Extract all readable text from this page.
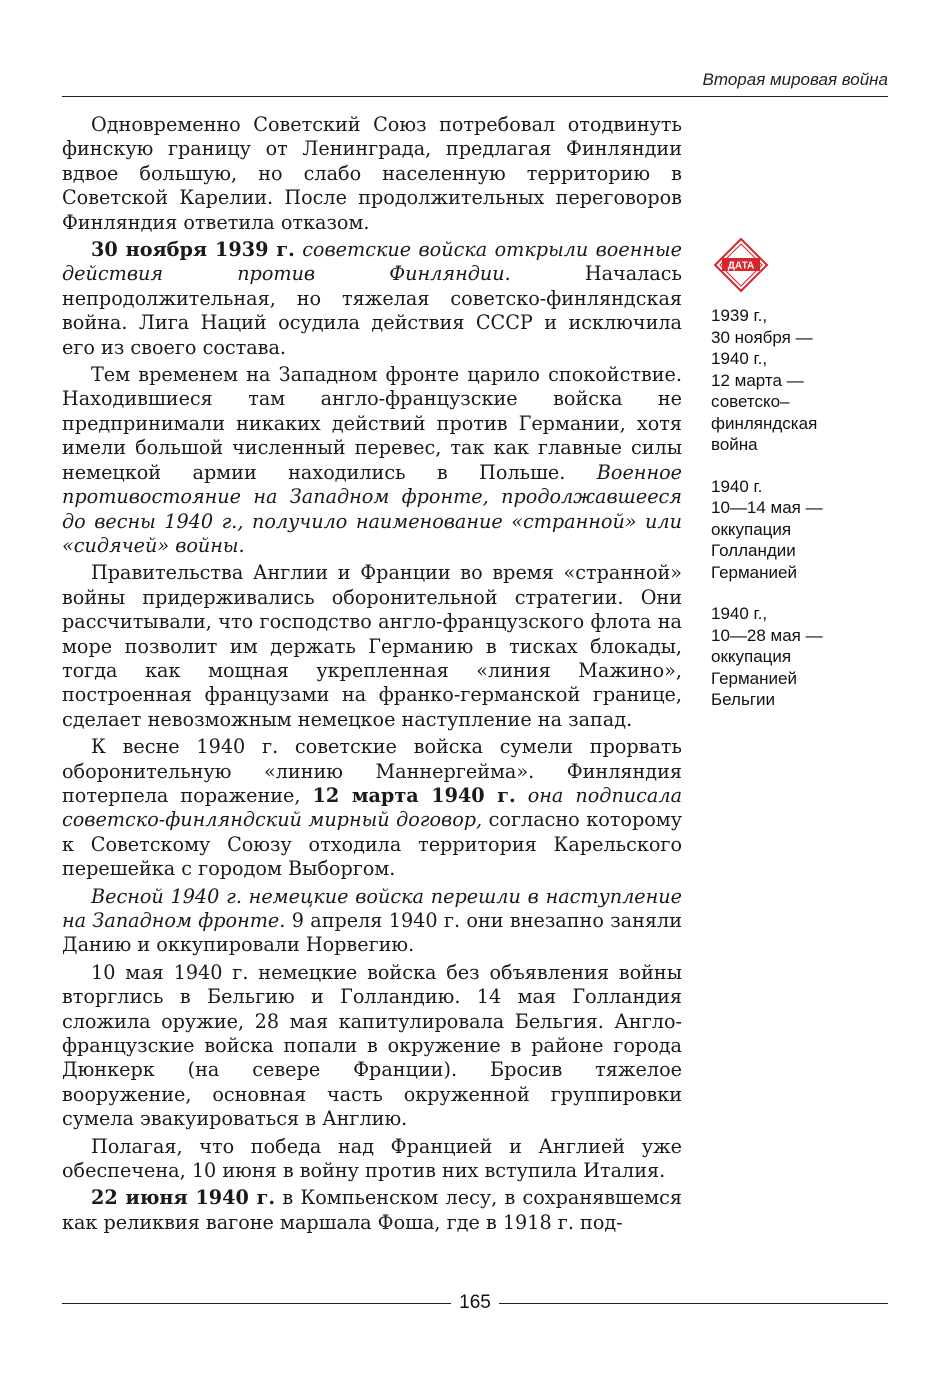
Вторая мировая война

Одновременно Советский Союз потребовал отодвинуть финскую границу от Ленинграда, предлагая Финляндии вдвое большую, но слабо населенную территорию в Советской Карелии. После продолжительных переговоров Финляндия ответила отказом.

30 ноября 1939 г. советские войска открыли военные действия против Финляндии.	Началась непродолжительная, но тяжелая советско-финляндская война. Лига Наций осудила действия СССР и исключила его из своего состава.

Тем временем на Западном фронте царило спокойствие. Находившиеся там англо-французские войска не предпринимали никаких действий против Германии, хотя имели большой численный перевес, так как главные силы немецкой армии находились в Польше. Военное противостояние на Западном фронте, продолжавшееся до весны 1940 г., получило наименование «странной» или «сидячей» войны.

Правительства Англии и Франции во время «странной» войны придерживались оборонительной стратегии. Они рассчитывали, что господство англо-французского флота на море позволит им держать Германию в тисках блокады, тогда как мощная укрепленная «линия Мажино», построенная французами на франко-германской границе, сделает невозможным немецкое наступление на запад.

К весне 1940 г. советские войска сумели прорвать оборонительную «линию Маннергейма». Финляндия потерпела поражение, 12 марта 1940 г. она подписала советско-финляндский мирный договор, согласно которому к Советскому Союзу отходила территория Карельского перешейка с городом Выборгом.

Весной 1940 г. немецкие войска перешли в наступление на Западном фронте. 9 апреля 1940 г. они внезапно заняли Данию и оккупировали Норвегию.

10 мая 1940 г. немецкие войска без объявления войны вторглись в Бельгию и Голландию. 14 мая Голландия сложила оружие, 28 мая капитулировала Бельгия. Англо-французские войска попали в окружение в районе города Дюнкерк (на севере Франции). Бросив тяжелое вооружение, основная часть окруженной группировки сумела эвакуироваться в Англию.

Полагая, что победа над Францией и Англией уже обеспечена, 10 июня в войну против них вступила Италия.

22 июня 1940 г. в Компьенском лесу, в сохранявшемся как реликвия вагоне маршала Фоша, где в 1918 г. под-

ДАТА
1939 г.,
30 ноября —
1940 г.,
12 марта —
советско–
финляндская
война
1940 г.
10—14 мая —
оккупация
Голландии
Германией
1940 г.,
10—28 мая —
оккупация
Германией
Бельгии
165
